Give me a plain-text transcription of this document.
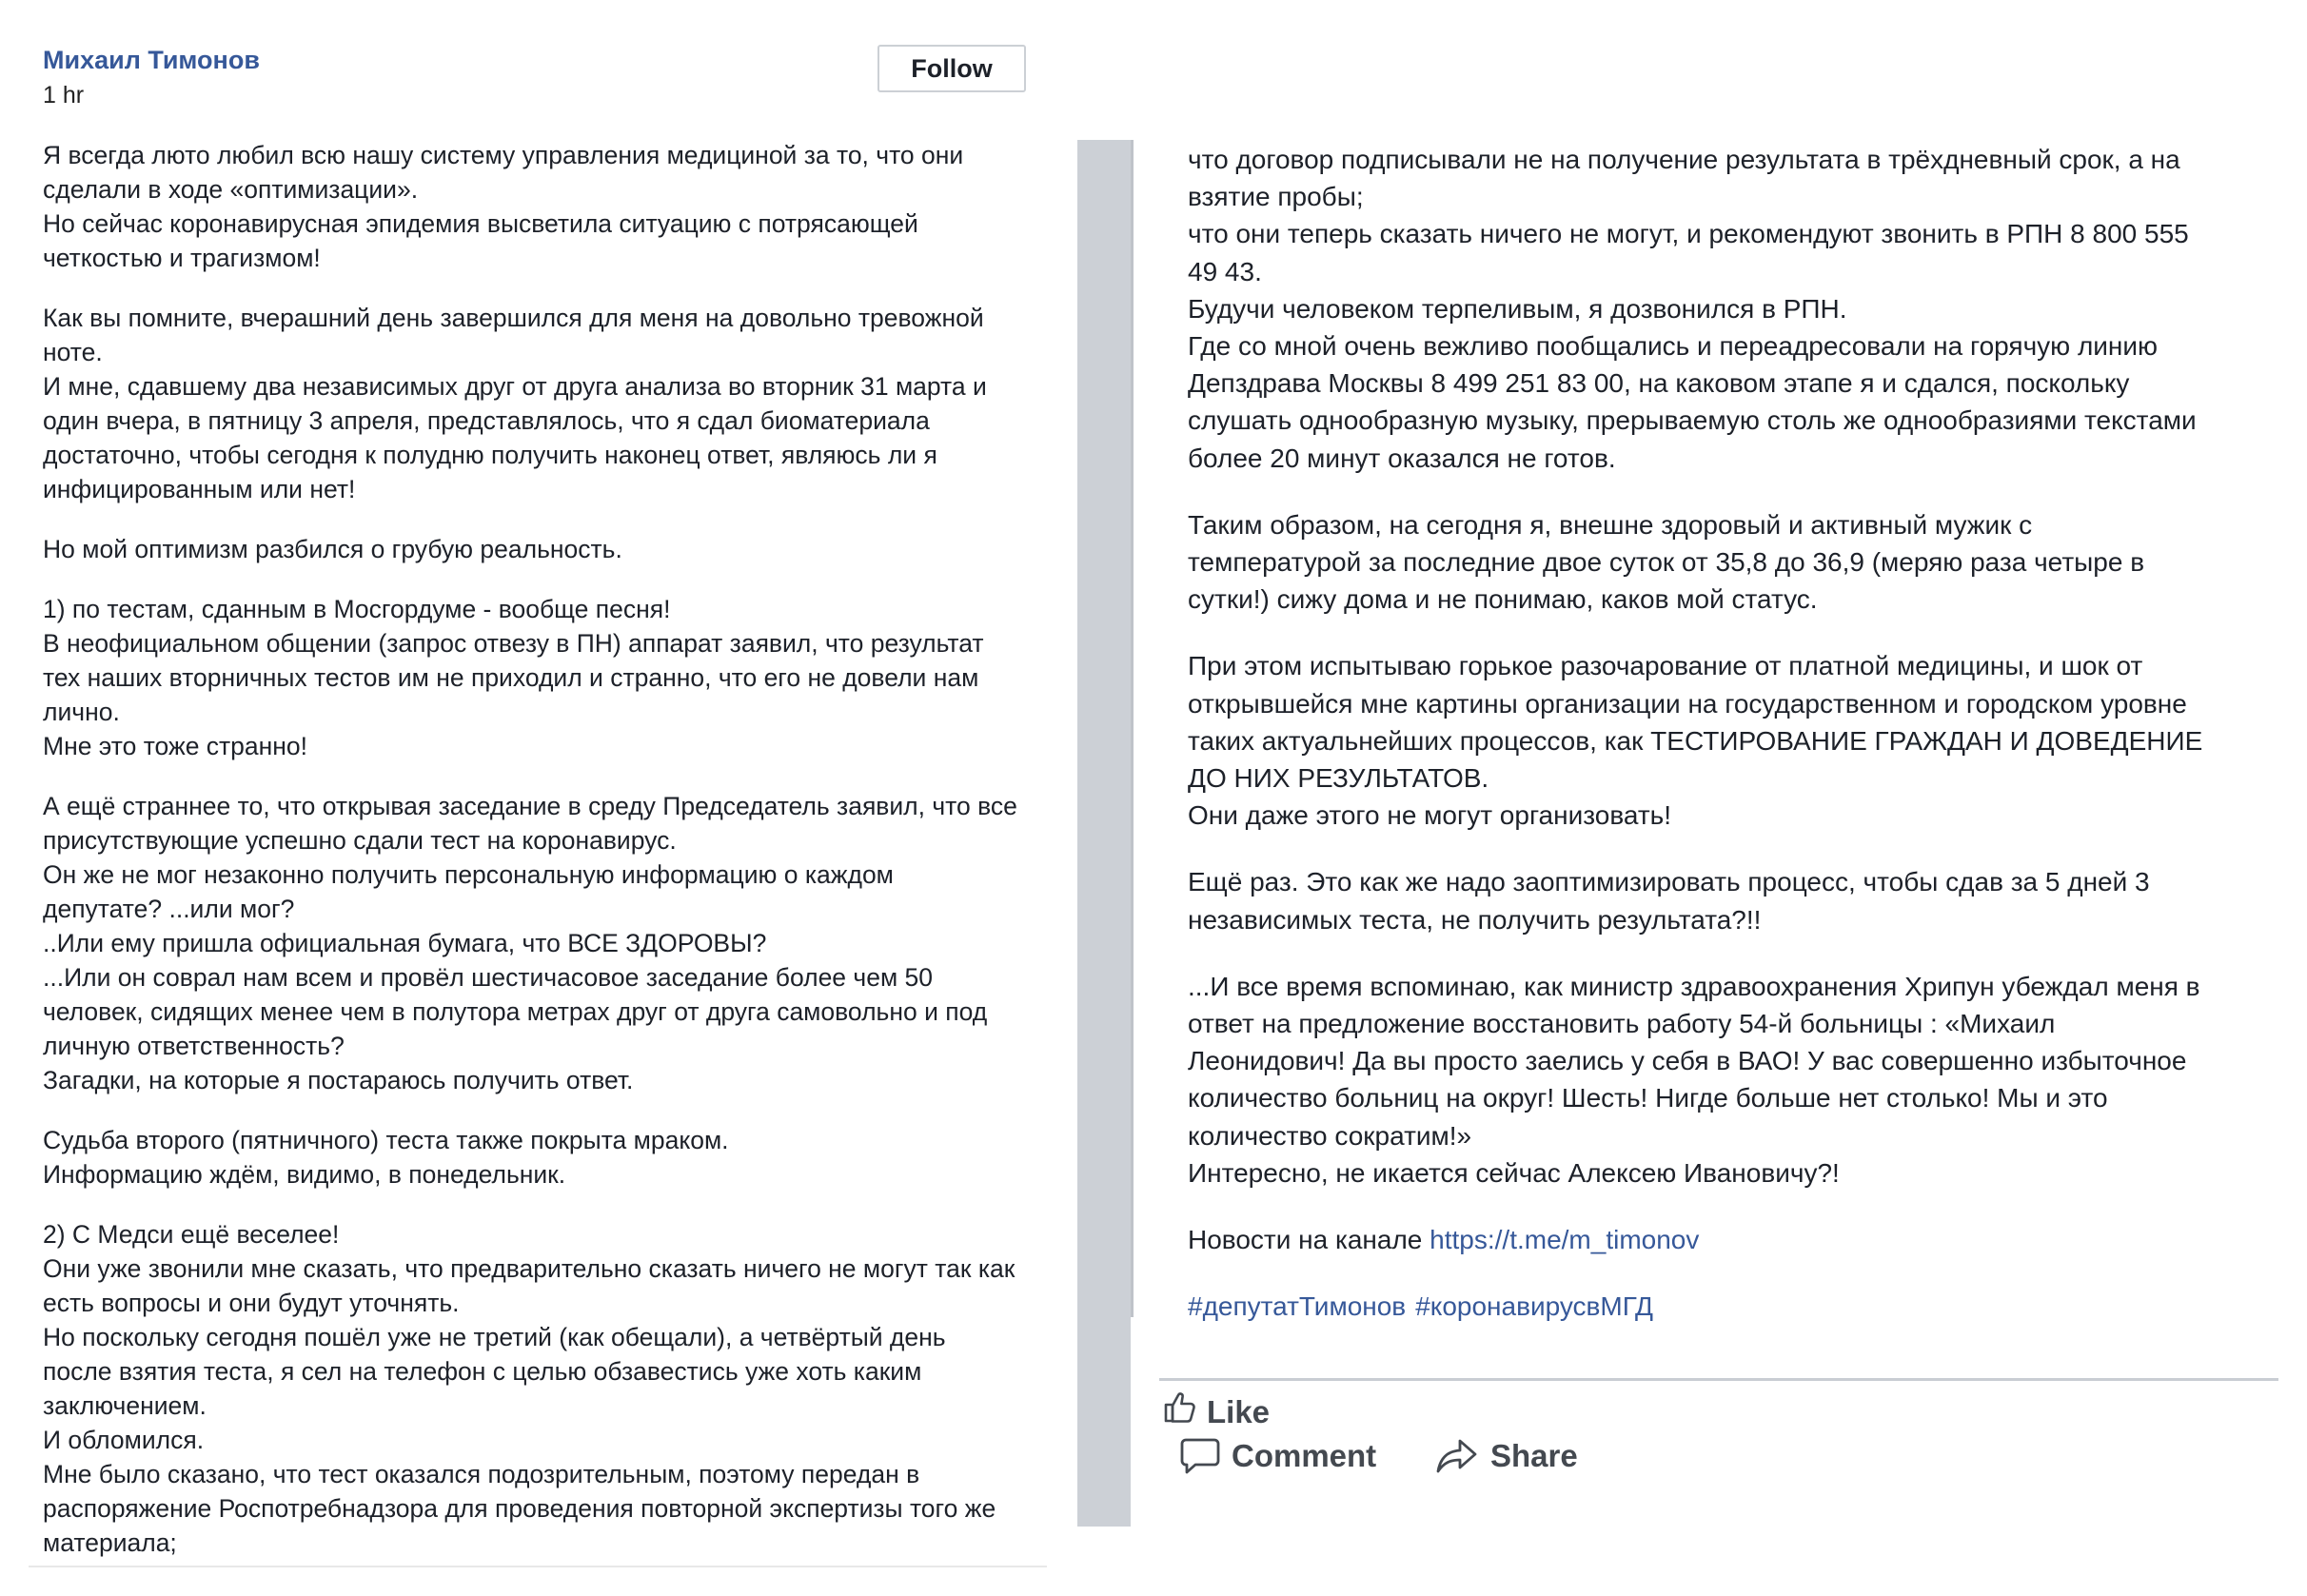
Михаил Тимонов
1 hr
Follow
Я всегда люто любил всю нашу систему управления медициной за то, что они
сделали в ходе «оптимизации».
Но сейчас коронавирусная эпидемия высветила ситуацию с потрясающей
четкостью и трагизмом!
Как вы помните, вчерашний день завершился для меня на довольно тревожной
ноте.
И мне, сдавшему два независимых друг от друга анализа во вторник 31 марта и
один вчера, в пятницу 3 апреля, представлялось, что я сдал биоматериала
достаточно, чтобы сегодня к полудню получить наконец ответ, являюсь ли я
инфицированным или нет!
Но мой оптимизм разбился о грубую реальность.
1) по тестам, сданным в Мосгордуме - вообще песня!
В неофициальном общении (запрос отвезу в ПН) аппарат заявил, что результат
тех наших вторничных тестов им не приходил и странно, что его не довели нам
лично.
Мне это тоже странно!
А ещё страннее то, что открывая заседание в среду Председатель заявил, что все
присутствующие успешно сдали тест на коронавирус.
Он же не мог незаконно получить персональную информацию о каждом
депутате? ...или мог?
..Или ему пришла официальная бумага, что ВСЕ ЗДОРОВЫ?
...Или он соврал нам всем и провёл шестичасовое заседание более чем 50
человек, сидящих менее чем в полутора метрах друг от друга самовольно и под
личную ответственность?
Загадки, на которые я постараюсь получить ответ.
Судьба второго (пятничного) теста также покрыта мраком.
Информацию ждём, видимо, в понедельник.
2) С Медси ещё веселее!
Они уже звонили мне сказать, что предварительно сказать ничего не могут так как
есть вопросы и они будут уточнять.
Но поскольку сегодня пошёл уже не третий (как обещали), а четвёртый день
после взятия теста, я сел на телефон с целью обзавестись уже хоть каким
заключением.
И обломился.
Мне было сказано, что тест оказался подозрительным, поэтому передан в
распоряжение Роспотребнадзора для проведения повторной экспертизы того же
материала;
что договор подписывали не на получение результата в трёхдневный срок, а на
взятие пробы;
что они теперь сказать ничего не могут, и рекомендуют звонить в РПН 8 800 555
49 43.
Будучи человеком терпеливым, я дозвонился в РПН.
Где со мной очень вежливо пообщались и переадресовали на горячую линию
Депздрава Москвы 8 499 251 83 00, на каковом этапе я и сдался, поскольку
слушать однообразную музыку, прерываемую столь же однообразиями текстами
более 20 минут оказался не готов.
Таким образом, на сегодня я, внешне здоровый и активный мужик с
температурой за последние двое суток от 35,8 до 36,9 (меряю раза четыре в
сутки!) сижу дома и не понимаю, каков мой статус.
При этом испытываю горькое разочарование от платной медицины, и шок от
открывшейся мне картины организации на государственном и городском уровне
таких актуальнейших процессов, как ТЕСТИРОВАНИЕ ГРАЖДАН И ДОВЕДЕНИЕ
ДО НИХ РЕЗУЛЬТАТОВ.
Они даже этого не могут организовать!
Ещё раз. Это как же надо заоптимизировать процесс, чтобы сдав за 5 дней 3
независимых теста, не получить результата?!!
...И все время вспоминаю, как министр здравоохранения Хрипун убеждал меня в
ответ на предложение восстановить работу 54-й больницы : «Михаил
Леонидович! Да вы просто заелись у себя в ВАО! У вас совершенно избыточное
количество больниц на округ! Шесть! Нигде больше нет столько! Мы и это
количество сократим!»
Интересно, не икается сейчас Алексею Ивановичу?!
Новости на канале https://t.me/m_timonov
#депутатТимонов #коронавирусвМГД
Like
Comment	Share
